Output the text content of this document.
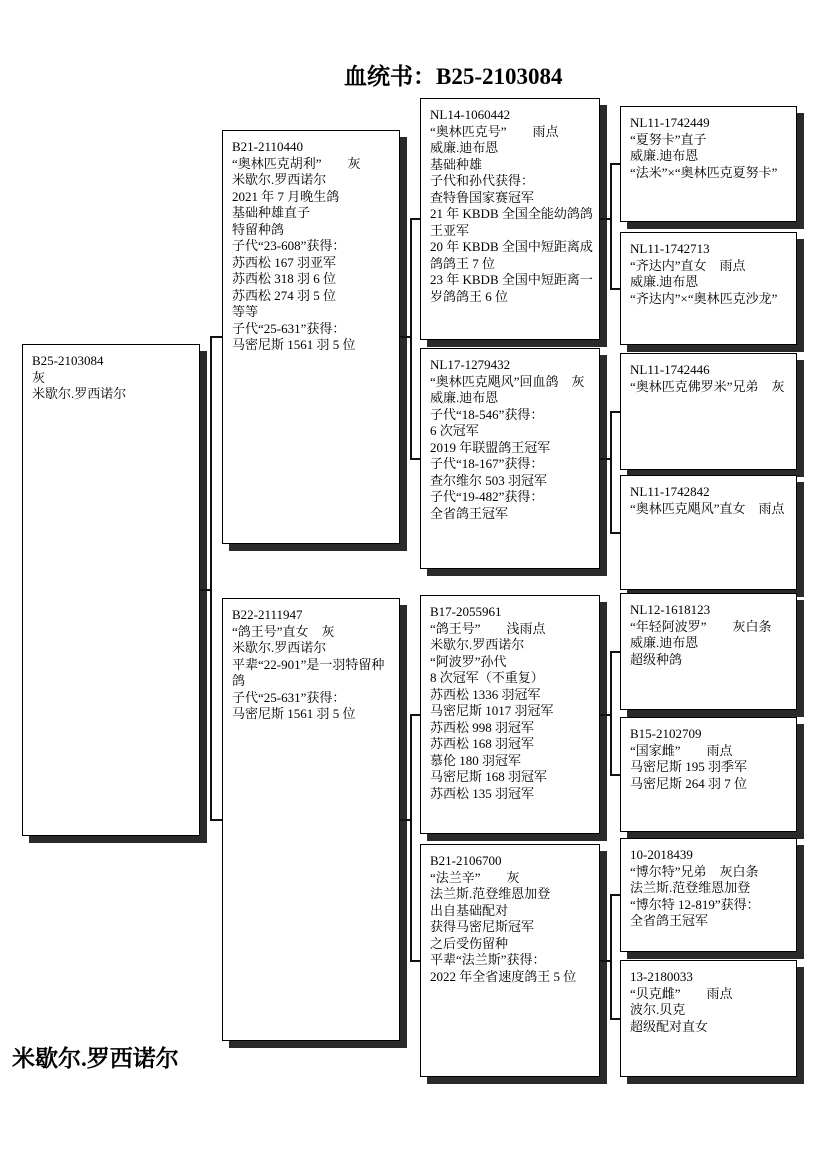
血统书：B25-2103084
B25-2103084
灰
米歇尔.罗西诺尔
B21-2110440
“奥林匹克胡利”　　灰
米歇尔.罗西诺尔
2021 年 7 月晚生鸽
基础种雄直子
特留种鸽
子代“23-608”获得：
苏西松 167 羽亚军
苏西松 318 羽 6 位
苏西松 274 羽 5 位
等等
子代“25-631”获得：
马密尼斯 1561 羽 5 位
B22-2111947
“鸽王号”直女　灰
米歇尔.罗西诺尔
平辈“22-901”是一羽特留种鸽
子代“25-631”获得：
马密尼斯 1561 羽 5 位
NL14-1060442
“奥林匹克号”　　雨点
威廉.迪布恩
基础种雄
子代和孙代获得：
查特鲁国家赛冠军
21 年 KBDB 全国全能幼鸽鸽王亚军
20 年 KBDB 全国中短距离成鸽鸽王 7 位
23 年 KBDB 全国中短距离一岁鸽鸽王 6 位
NL17-1279432
“奥林匹克飓风”回血鸽　灰
威廉.迪布恩
子代“18-546”获得：
6 次冠军
2019 年联盟鸽王冠军
子代“18-167”获得：
查尔维尔 503 羽冠军
子代“19-482”获得：
全省鸽王冠军
B17-2055961
“鸽王号”　　浅雨点
米歇尔.罗西诺尔
“阿波罗”孙代
8 次冠军（不重复）
苏西松 1336 羽冠军
马密尼斯 1017 羽冠军
苏西松 998 羽冠军
苏西松 168 羽冠军
慕伦 180 羽冠军
马密尼斯 168 羽冠军
苏西松 135 羽冠军
B21-2106700
“法兰辛”　　灰
法兰斯.范登维恩加登
出自基础配对
获得马密尼斯冠军
之后受伤留种
平辈“法兰斯”获得：
2022 年全省速度鸽王 5 位
NL11-1742449
“夏努卡”直子
威廉.迪布恩
“法米”×“奥林匹克夏努卡”
NL11-1742713
“齐达内”直女　雨点
威廉.迪布恩
“齐达内”×“奥林匹克沙龙”
NL11-1742446
“奥林匹克佛罗米”兄弟　灰
NL11-1742842
“奥林匹克飓风”直女　雨点
NL12-1618123
“年轻阿波罗”　　灰白条
威廉.迪布恩
超级种鸽
B15-2102709
“国家雌”　　雨点
马密尼斯 195 羽季军
马密尼斯 264 羽 7 位
10-2018439
“博尔特”兄弟　灰白条
法兰斯.范登维恩加登
“博尔特 12-819”获得：
全省鸽王冠军
13-2180033
“贝克雌”　　雨点
波尔.贝克
超级配对直女
米歇尔.罗西诺尔
